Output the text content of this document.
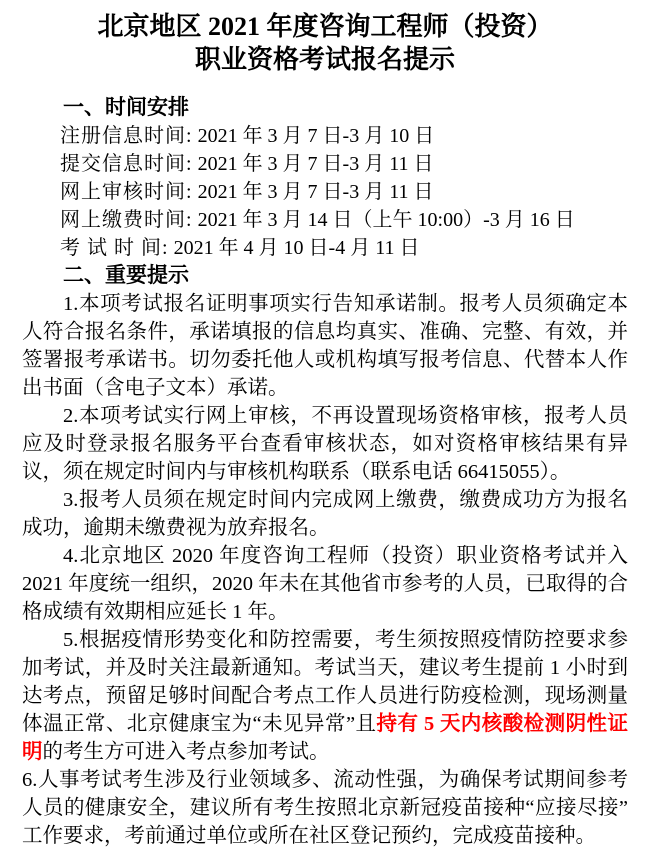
北京地区 2021 年度咨询工程师（投资）
职业资格考试报名提示
一、时间安排
注册信息时间: 2021 年 3 月 7 日-3 月 10 日
提交信息时间: 2021 年 3 月 7 日-3 月 11 日
网上审核时间: 2021 年 3 月 7 日-3 月 11 日
网上缴费时间: 2021 年 3 月 14 日（上午 10:00）-3 月 16 日
考 试 时 间: 2021 年 4 月 10 日-4 月 11 日
二、重要提示

1.本项考试报名证明事项实行告知承诺制。报考人员须确定本人符合报名条件，承诺填报的信息均真实、准确、完整、有效，并签署报考承诺书。切勿委托他人或机构填写报考信息、代替本人作出书面（含电子文本）承诺。

2.本项考试实行网上审核，不再设置现场资格审核，报考人员应及时登录报名服务平台查看审核状态，如对资格审核结果有异议，须在规定时间内与审核机构联系（联系电话 66415055）。

3.报考人员须在规定时间内完成网上缴费，缴费成功方为报名成功，逾期未缴费视为放弃报名。

4.北京地区 2020 年度咨询工程师（投资）职业资格考试并入 2021 年度统一组织，2020 年未在其他省市参考的人员，已取得的合格成绩有效期相应延长 1 年。

5.根据疫情形势变化和防控需要，考生须按照疫情防控要求参加考试，并及时关注最新通知。考试当天，建议考生提前 1 小时到达考点，预留足够时间配合考点工作人员进行防疫检测，现场测量体温正常、北京健康宝为“未见异常”且持有 5 天内核酸检测阴性证明的考生方可进入考点参加考试。

6.人事考试考生涉及行业领域多、流动性强，为确保考试期间参考人员的健康安全，建议所有考生按照北京新冠疫苗接种“应接尽接”工作要求，考前通过单位或所在社区登记预约，完成疫苗接种。
